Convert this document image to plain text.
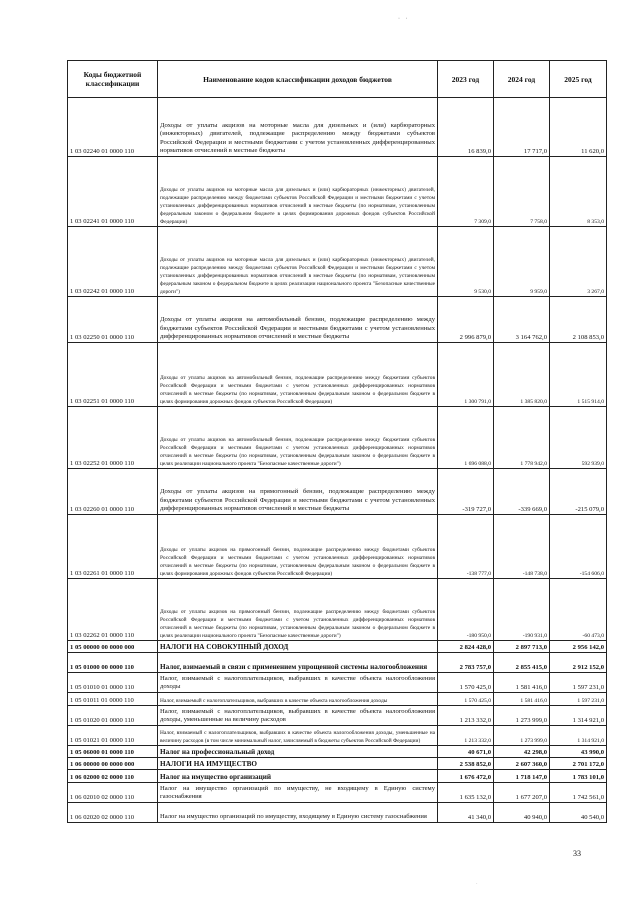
· ·
Коды бюджетной классификации	Наименование кодов классификации доходов бюджетов	2023 год	2024 год	2025 год
1 03 02240 01 0000 110	Доходы от уплаты акцизов на моторные масла для дизельных и (или) карбюраторных (инжекторных) двигателей, подлежащие распределению между бюджетами субъектов Российской Федерации и местными бюджетами с учетом установленных дифференцированных нормативов отчислений в местные бюджеты	16 839,0	17 717,0	11 620,0
1 03 02241 01 0000 110	Доходы от уплаты акцизов на моторные масла для дизельных и (или) карбюраторных (инжекторных) двигателей, подлежащие распределению между бюджетами субъектов Российской Федерации и местными бюджетами с учетом установленных дифференцированных нормативов отчислений в местные бюджеты (по нормативам, установленным федеральным законом о федеральном бюджете в целях формирования дорожных фондов субъектов Российской Федерации)	7 309,0	7 758,0	8 353,0
1 03 02242 01 0000 110	Доходы от уплаты акцизов на моторные масла для дизельных и (или) карбюраторных (инжекторных) двигателей, подлежащие распределению между бюджетами субъектов Российской Федерации и местными бюджетами с учетом установленных дифференцированных нормативов отчислений в местные бюджеты (по нормативам, установленным федеральным законом о федеральном бюджете в целях реализации национального проекта "Безопасные качественные дороги")	9 530,0	9 959,0	3 267,0
1 03 02250 01 0000 110	Доходы от уплаты акцизов на автомобильный бензин, подлежащие распределению между бюджетами субъектов Российской Федерации и местными бюджетами с учетом установленных дифференцированных нормативов отчислений в местные бюджеты	2 996 879,0	3 164 762,0	2 108 853,0
1 03 02251 01 0000 110	Доходы от уплаты акцизов на автомобильный бензин, подлежащие распределению между бюджетами субъектов Российской Федерации и местными бюджетами с учетом установленных дифференцированных нормативов отчислений в местные бюджеты (по нормативам, установленным федеральным законом о федеральном бюджете в целях формирования дорожных фондов субъектов Российской Федерации)	1 300 791,0	1 385 820,0	1 515 914,0
1 03 02252 01 0000 110	Доходы от уплаты акцизов на автомобильный бензин, подлежащие распределению между бюджетами субъектов Российской Федерации и местными бюджетами с учетом установленных дифференцированных нормативов отчислений в местные бюджеты (по нормативам, установленным федеральным законом о федеральном бюджете в целях реализации национального проекта "Безопасные качественные дороги")	1 696 088,0	1 778 942,0	592 939,0
1 03 02260 01 0000 110	Доходы от уплаты акцизов на прямогонный бензин, подлежащие распределению между бюджетами субъектов Российской Федерации и местными бюджетами с учетом установленных дифференцированных нормативов отчислений в местные бюджеты	-319 727,0	-339 669,0	-215 079,0
1 03 02261 01 0000 110	Доходы от уплаты акцизов на прямогонный бензин, подлежащие распределению между бюджетами субъектов Российской Федерации и местными бюджетами с учетом установленных дифференцированных нормативов отчислений в местные бюджеты (по нормативам, установленным федеральным законом о федеральном бюджете в целях формирования дорожных фондов субъектов Российской Федерации)	-138 777,0	-148 738,0	-154 606,0
1 03 02262 01 0000 110	Доходы от уплаты акцизов на прямогонный бензин, подлежащие распределению между бюджетами субъектов Российской Федерации и местными бюджетами с учетом установленных дифференцированных нормативов отчислений в местные бюджеты (по нормативам, установленным федеральным законом о федеральном бюджете в целях реализации национального проекта "Безопасные качественные дороги")	-180 950,0	-190 931,0	-60 473,0
1 05 00000 00 0000 000	НАЛОГИ НА СОВОКУПНЫЙ ДОХОД	2 824 428,0	2 897 713,0	2 956 142,0
1 05 01000 00 0000 110	Налог, взимаемый в связи с применением упрощенной системы налогообложения	2 783 757,0	2 855 415,0	2 912 152,0
1 05 01010 01 0000 110	Налог, взимаемый с налогоплательщиков, выбравших в качестве объекта налогообложения доходы	1 570 425,0	1 581 416,0	1 597 231,0
1 05 01011 01 0000 110	Налог, взимаемый с налогоплательщиков, выбравших в качестве объекта налогообложения доходы	1 570 425,0	1 581 416,0	1 597 231,0
1 05 01020 01 0000 110	Налог, взимаемый с налогоплательщиков, выбравших в качестве объекта налогообложения доходы, уменьшенные на величину расходов	1 213 332,0	1 273 999,0	1 314 921,0
1 05 01021 01 0000 110	Налог, взимаемый с налогоплательщиков, выбравших в качестве объекта налогообложения доходы, уменьшенные на величину расходов (в том числе минимальный налог, зачисляемый в бюджеты субъектов Российской Федерации)	1 213 332,0	1 273 999,0	1 314 921,0
1 05 06000 01 0000 110	Налог на профессиональный доход	40 671,0	42 298,0	43 990,0
1 06 00000 00 0000 000	НАЛОГИ НА ИМУЩЕСТВО	2 538 852,0	2 607 360,0	2 701 172,0
1 06 02000 02 0000 110	Налог на имущество организаций	1 676 472,0	1 718 147,0	1 783 101,0
1 06 02010 02 0000 110	Налог на имущество организаций по имуществу, не входящему в Единую систему газоснабжения	1 635 132,0	1 677 207,0	1 742 561,0
1 06 02020 02 0000 110	Налог на имущество организаций по имуществу, входящему в Единую систему газоснабжения	41 340,0	40 940,0	40 540,0
33
·
